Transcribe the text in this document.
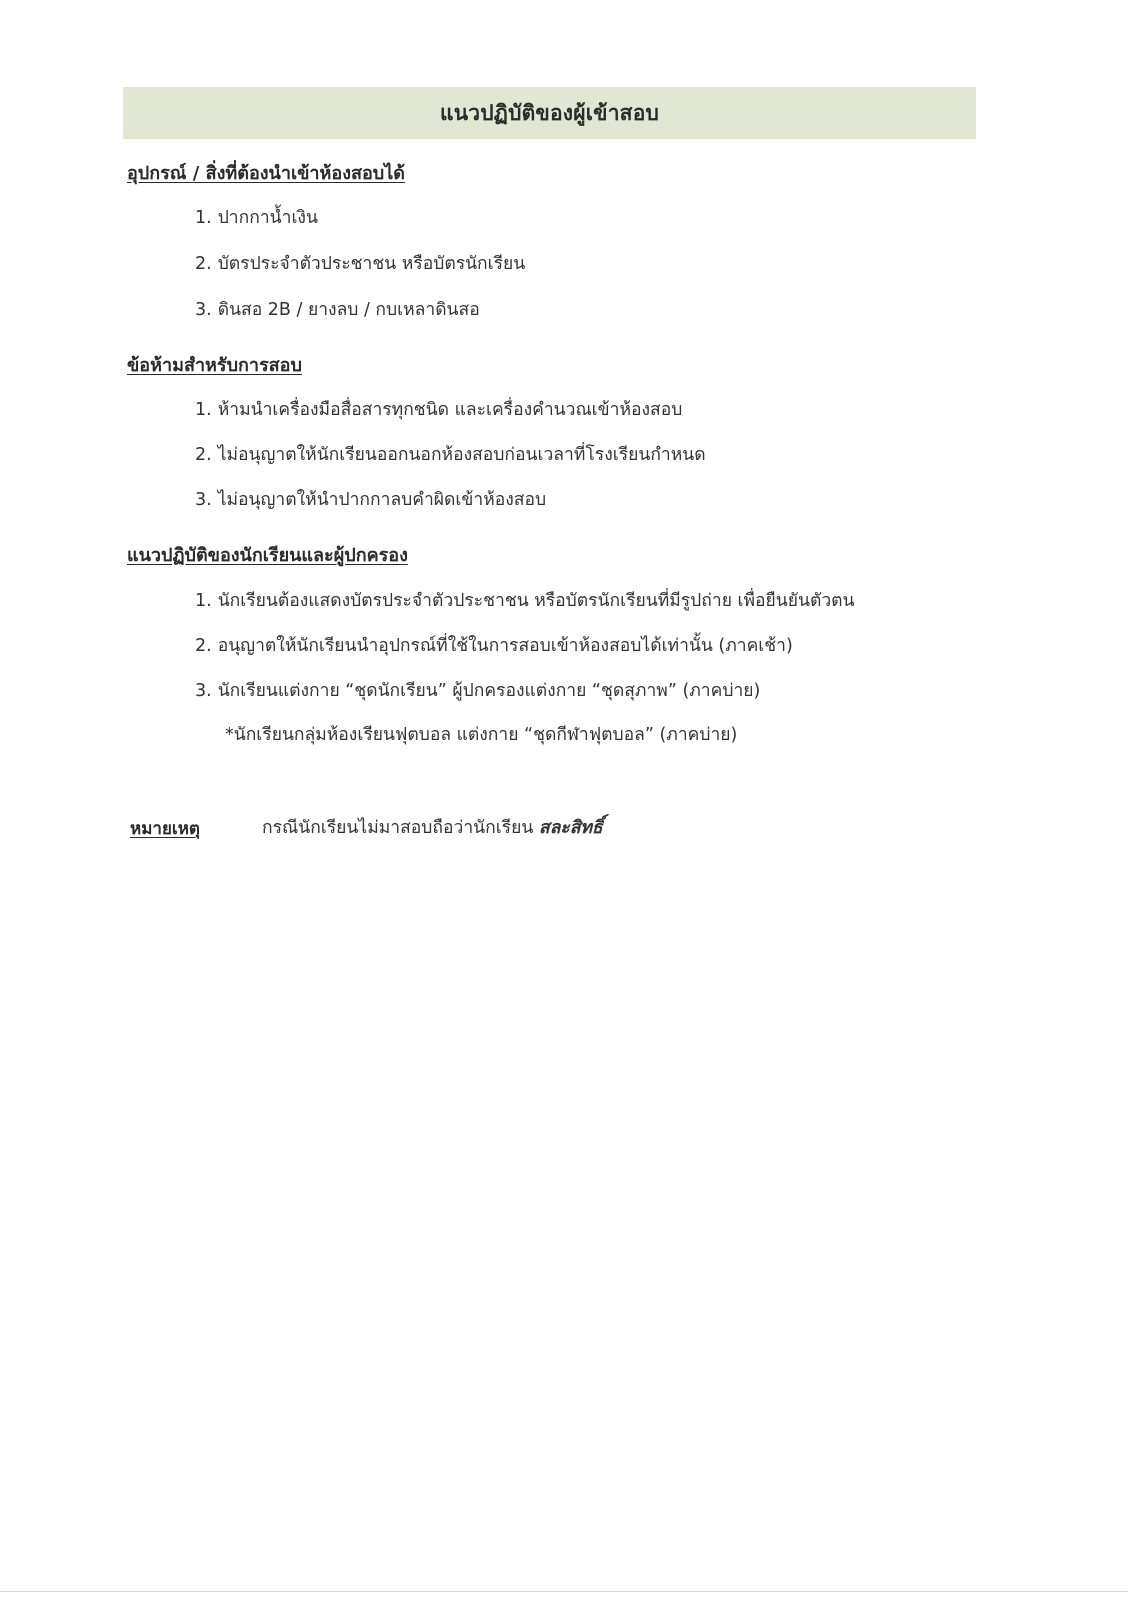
แนวปฏิบัติของผู้เข้าสอบ
อุปกรณ์ / สิ่งที่ต้องนำเข้าห้องสอบได้
1. ปากกาน้ำเงิน
2. บัตรประจำตัวประชาชน หรือบัตรนักเรียน
3. ดินสอ 2B / ยางลบ / กบเหลาดินสอ
ข้อห้ามสำหรับการสอบ
1. ห้ามนำเครื่องมือสื่อสารทุกชนิด และเครื่องคำนวณเข้าห้องสอบ
2. ไม่อนุญาตให้นักเรียนออกนอกห้องสอบก่อนเวลาที่โรงเรียนกำหนด
3. ไม่อนุญาตให้นำปากกาลบคำผิดเข้าห้องสอบ
แนวปฏิบัติของนักเรียนและผู้ปกครอง
1. นักเรียนต้องแสดงบัตรประจำตัวประชาชน หรือบัตรนักเรียนที่มีรูปถ่าย เพื่อยืนยันตัวตน
2. อนุญาตให้นักเรียนนำอุปกรณ์ที่ใช้ในการสอบเข้าห้องสอบได้เท่านั้น (ภาคเช้า)
3. นักเรียนแต่งกาย “ชุดนักเรียน” ผู้ปกครองแต่งกาย “ชุดสุภาพ” (ภาคบ่าย)
*นักเรียนกลุ่มห้องเรียนฟุตบอล แต่งกาย “ชุดกีฬาฟุตบอล” (ภาคบ่าย)
หมายเหตุ	กรณีนักเรียนไม่มาสอบถือว่านักเรียน สละสิทธิ์
